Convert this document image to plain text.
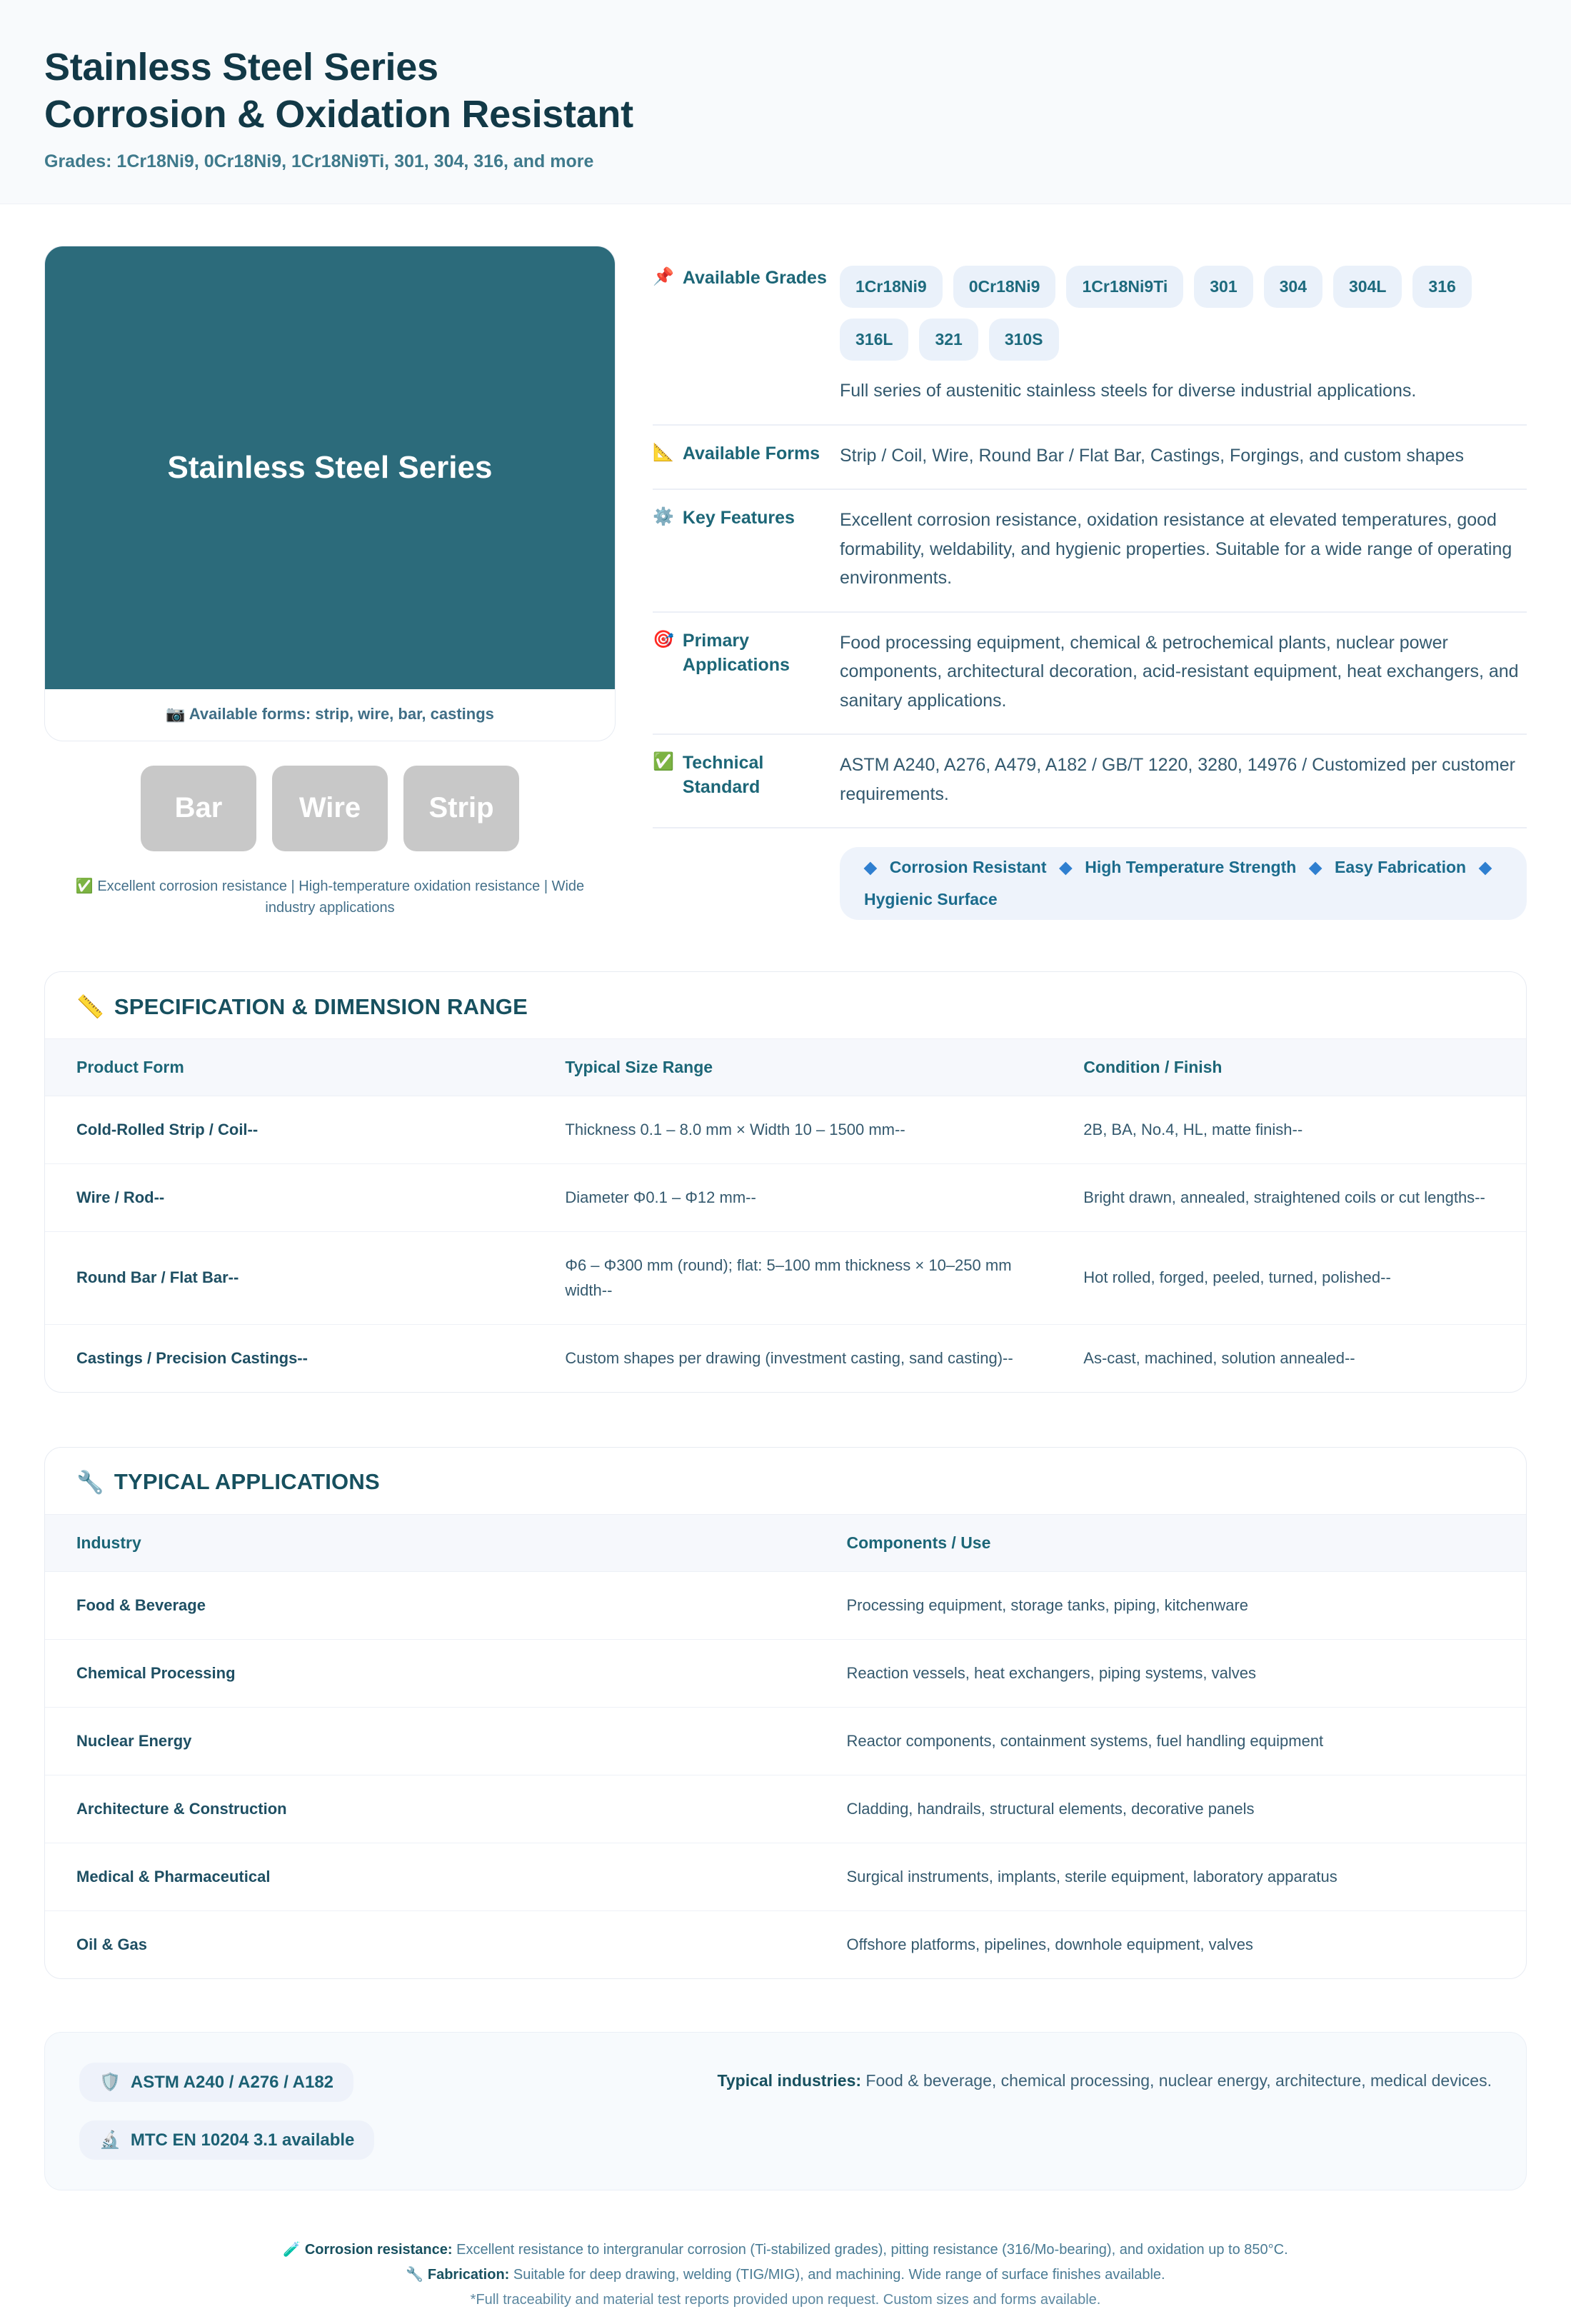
Stainless Steel Series
Corrosion & Oxidation Resistant
Grades: 1Cr18Ni9, 0Cr18Ni9, 1Cr18Ni9Ti, 301, 304, 316, and more
Stainless Steel Series
📷 Available forms: strip, wire, bar, castings
Bar	Wire	Strip
✅ Excellent corrosion resistance | High-temperature oxidation resistance | Wide industry applications
📌 Available Grades	1Cr18Ni9	0Cr18Ni9	1Cr18Ni9Ti	301	304	304L	316
316L	321	310S
Full series of austenitic stainless steels for diverse industrial applications.
📐 Available Forms Strip / Coil, Wire, Round Bar / Flat Bar, Castings, Forgings, and custom shapes
⚙️ Key Features	Excellent corrosion resistance, oxidation resistance at elevated temperatures, good formability, weldability, and hygienic properties. Suitable for a wide range of operating environments.
🎯 Primary Applications
Food processing equipment, chemical & petrochemical plants, nuclear power components, architectural decoration, acid-resistant equipment, heat exchangers, and sanitary applications.
✅ Technical Standard
ASTM A240, A276, A479, A182 / GB/T 1220, 3280, 14976 / Customized per customer requirements.
◆ Corrosion Resistant ◆ High Temperature Strength ◆ Easy Fabrication ◆
Hygienic Surface
📏 SPECIFICATION & DIMENSION RANGE
Product Form	Typical Size Range	Condition / Finish
Cold-Rolled Strip / Coil--	Thickness 0.1 – 8.0 mm × Width 10 – 1500 mm--	2B, BA, No.4, HL, matte finish--
Wire / Rod--	Diameter Φ0.1 – Φ12 mm--	Bright drawn, annealed, straightened coils or cut lengths--
Round Bar / Flat Bar--	Φ6 – Φ300 mm (round); flat: 5–100 mm thickness × 10–250 mm width--	Hot rolled, forged, peeled, turned, polished--
Castings / Precision Castings--	Custom shapes per drawing (investment casting, sand casting)--	As-cast, machined, solution annealed--
🔧 TYPICAL APPLICATIONS
Industry	Components / Use
Food & Beverage	Processing equipment, storage tanks, piping, kitchenware
Chemical Processing	Reaction vessels, heat exchangers, piping systems, valves
Nuclear Energy	Reactor components, containment systems, fuel handling equipment
Architecture & Construction	Cladding, handrails, structural elements, decorative panels
Medical & Pharmaceutical	Surgical instruments, implants, sterile equipment, laboratory apparatus
Oil & Gas	Offshore platforms, pipelines, downhole equipment, valves
🛡️ ASTM A240 / A276 / A182
🔬 MTC EN 10204 3.1 available
Typical industries: Food & beverage, chemical processing, nuclear energy, architecture, medical devices.

🧪 Corrosion resistance: Excellent resistance to intergranular corrosion (Ti-stabilized grades), pitting resistance (316/Mo-bearing), and oxidation up to 850°C.

🔧 Fabrication: Suitable for deep drawing, welding (TIG/MIG), and machining. Wide range of surface finishes available.

*Full traceability and material test reports provided upon request. Custom sizes and forms available.
